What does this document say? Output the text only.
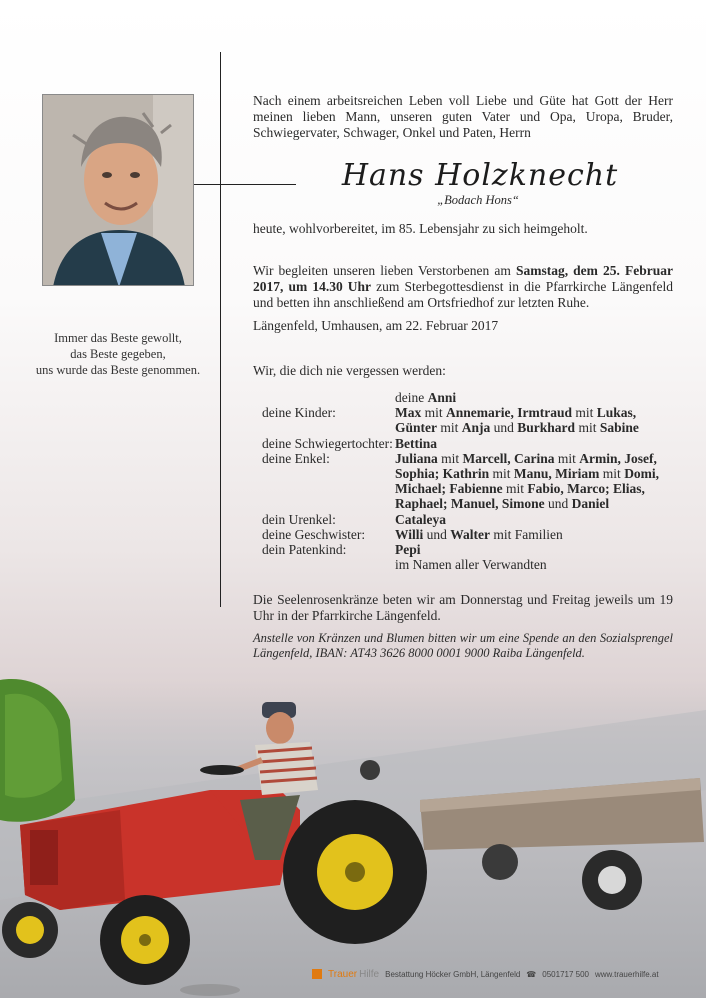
Immer das Beste gewollt,
das Beste gegeben,
uns wurde das Beste genommen.
Nach einem arbeitsreichen Leben voll Liebe und Güte hat Gott der Herr meinen lieben Mann, unseren guten Vater und Opa, Uropa, Bruder, Schwiegervater, Schwager, Onkel und Paten, Herrn
Hans Holzknecht
„Bodach Hons“
heute, wohlvorbereitet, im 85. Lebensjahr zu sich heimgeholt.
Wir begleiten unseren lieben Verstorbenen am Samstag, dem 25. Februar 2017, um 14.30 Uhr zum Sterbegottesdienst in die Pfarrkirche Längenfeld und betten ihn anschließend am Ortsfriedhof zur letzten Ruhe.
Längenfeld, Umhausen, am 22. Februar 2017
Wir, die dich nie vergessen werden:
deine Anni
deine Kinder:	Max mit Annemarie, Irmtraud mit Lukas,
Günter mit Anja und Burkhard mit Sabine
deine Schwiegertochter: Bettina
deine Enkel:	Juliana mit Marcell, Carina mit Armin, Josef,
Sophia; Kathrin mit Manu, Miriam mit Domi,
Michael; Fabienne mit Fabio, Marco; Elias,
Raphael; Manuel, Simone und Daniel
dein Urenkel:	Cataleya
deine Geschwister:	Willi und Walter mit Familien
dein Patenkind:	Pepi
im Namen aller Verwandten
Die Seelenrosenkränze beten wir am Donnerstag und Freitag jeweils um 19 Uhr in der Pfarrkirche Längenfeld.
Anstelle von Kränzen und Blumen bitten wir um eine Spende an den Sozialsprengel Längenfeld, IBAN: AT43 3626 8000 0001 9000 Raiba Längenfeld.
Trauer Hilfe Bestattung Höcker GmbH, Längenfeld ☎ 0501717 500 www.trauerhilfe.at
